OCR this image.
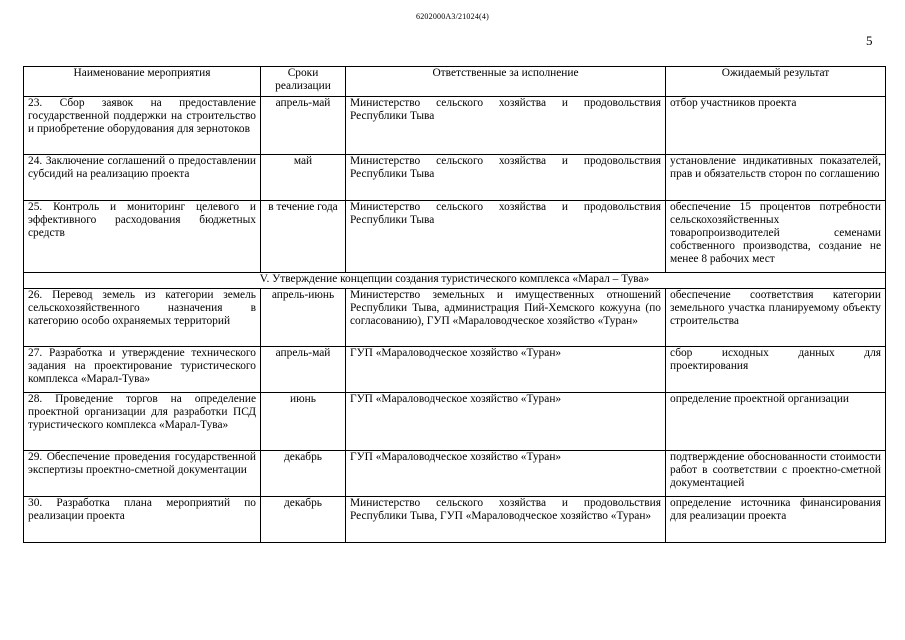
6202000А3/21024(4)
5
Наименование мероприятия	Сроки реализации	Ответственные за исполнение	Ожидаемый результат
23. Сбор заявок на предоставление государственной поддержки на строительство и приобретение оборудования для зернотоков	апрель-май	Министерство сельского хозяйства и продовольствия Республики Тыва	отбор участников проекта
24. Заключение соглашений о предоставлении субсидий на реализацию проекта	май	Министерство сельского хозяйства и продовольствия Республики Тыва	установление индикативных показателей, прав и обязательств сторон по соглашению
25. Контроль и мониторинг целевого и эффективного расходования бюджетных средств	в течение года	Министерство сельского хозяйства и продовольствия Республики Тыва	обеспечение 15 процентов потребности сельскохозяйственных товаропроизводителей семенами собственного производства, создание не менее 8 рабочих мест
V. Утверждение концепции создания туристического комплекса «Марал – Тува»			
26. Перевод земель из категории земель сельскохозяйственного назначения в категорию особо охраняемых территорий	апрель-июнь	Министерство земельных и имущественных отношений Республики Тыва, администрация Пий-Хемского кожууна (по согласованию), ГУП «Мараловодческое хозяйство «Туран»	обеспечение соответствия категории земельного участка планируемому объекту строительства
27. Разработка и утверждение технического задания на проектирование туристического комплекса «Марал-Тува»	апрель-май	ГУП «Мараловодческое хозяйство «Туран»	сбор исходных данных для проектирования
28. Проведение торгов на определение проектной организации для разработки ПСД туристического комплекса «Марал-Тува»	июнь	ГУП «Мараловодческое хозяйство «Туран»	определение проектной организации
29. Обеспечение проведения государственной экспертизы проектно-сметной документации	декабрь	ГУП «Мараловодческое хозяйство «Туран»	подтверждение обоснованности стоимости работ в соответствии с проектно-сметной документацией
30. Разработка плана мероприятий по реализации проекта	декабрь	Министерство сельского хозяйства и продовольствия Республики Тыва, ГУП «Мараловодческое хозяйство «Туран»	определение источника финансирования для реализации проекта
